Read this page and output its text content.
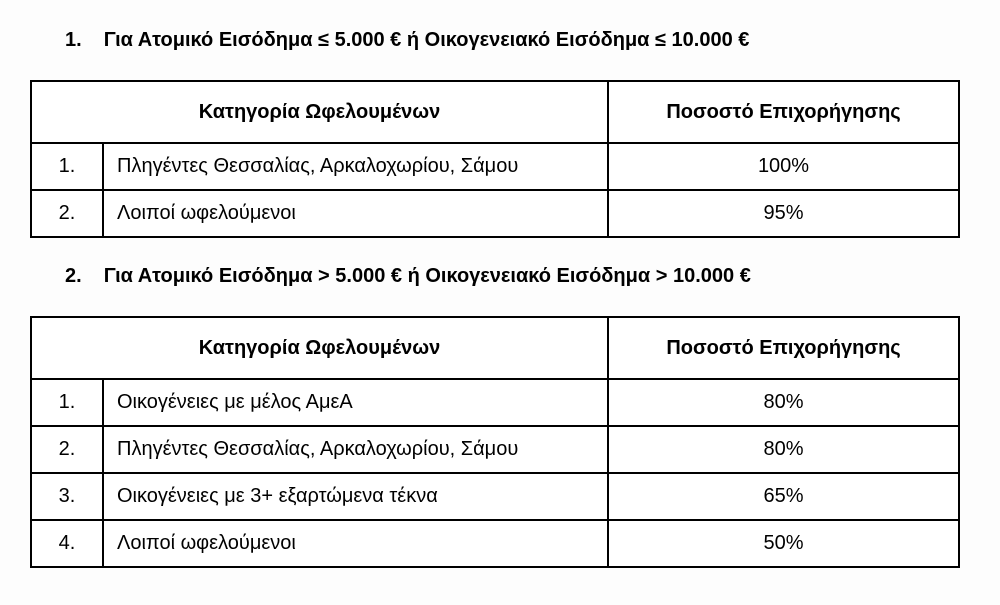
1. Για Ατομικό Εισόδημα ≤ 5.000 € ή Οικογενειακό Εισόδημα ≤ 10.000 €
Κατηγορία Ωφελουμένων		Ποσοστό Επιχορήγησης
1.	Πληγέντες Θεσσαλίας, Αρκαλοχωρίου, Σάμου	100%
2.	Λοιποί ωφελούμενοι	95%
2. Για Ατομικό Εισόδημα > 5.000 € ή Οικογενειακό Εισόδημα > 10.000 €
Κατηγορία Ωφελουμένων		Ποσοστό Επιχορήγησης
1.	Οικογένειες με μέλος ΑμεΑ	80%
2.	Πληγέντες Θεσσαλίας, Αρκαλοχωρίου, Σάμου	80%
3.	Οικογένειες με 3+ εξαρτώμενα τέκνα	65%
4.	Λοιποί ωφελούμενοι	50%
